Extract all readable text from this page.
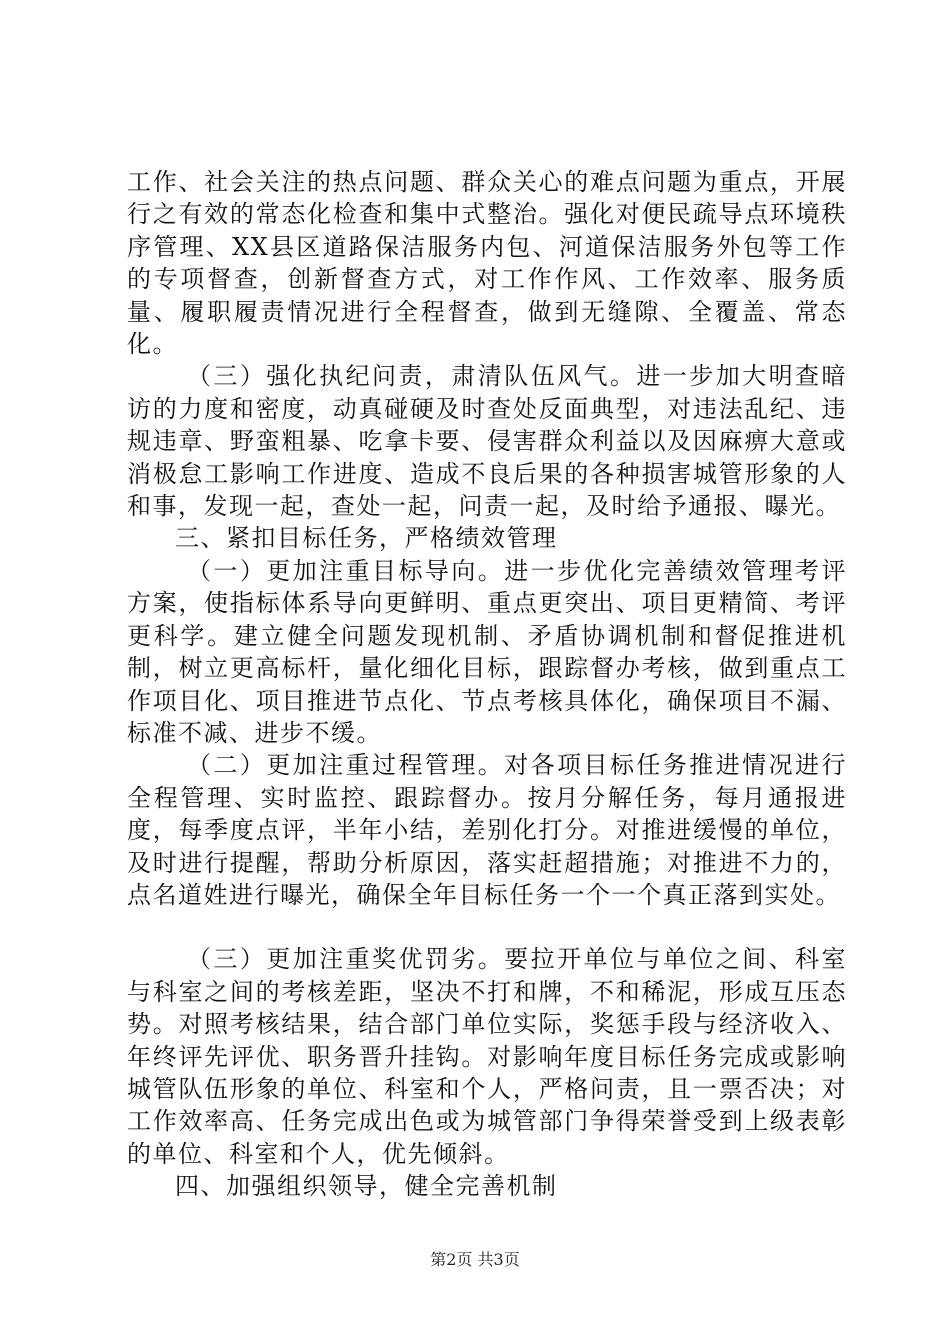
工作、社会关注的热点问题、群众关心的难点问题为重点，开展行之有效的常态化检查和集中式整治。强化对便民疏导点环境秩序管理、XX县区道路保洁服务内包、河道保洁服务外包等工作的专项督查，创新督查方式，对工作作风、工作效率、服务质量、履职履责情况进行全程督查，做到无缝隙、全覆盖、常态化。

（三）强化执纪问责，肃清队伍风气。进一步加大明查暗访的力度和密度，动真碰硬及时查处反面典型，对违法乱纪、违规违章、野蛮粗暴、吃拿卡要、侵害群众利益以及因麻痹大意或消极怠工影响工作进度、造成不良后果的各种损害城管形象的人和事，发现一起，查处一起，问责一起，及时给予通报、曝光。

三、紧扣目标任务，严格绩效管理

（一）更加注重目标导向。进一步优化完善绩效管理考评方案，使指标体系导向更鲜明、重点更突出、项目更精简、考评更科学。建立健全问题发现机制、矛盾协调机制和督促推进机制，树立更高标杆，量化细化目标，跟踪督办考核，做到重点工作项目化、项目推进节点化、节点考核具体化，确保项目不漏、标准不减、进步不缓。

（二）更加注重过程管理。对各项目标任务推进情况进行全程管理、实时监控、跟踪督办。按月分解任务，每月通报进度，每季度点评，半年小结，差别化打分。对推进缓慢的单位，及时进行提醒，帮助分析原因，落实赶超措施；对推进不力的，点名道姓进行曝光，确保全年目标任务一个一个真正落到实处。

（三）更加注重奖优罚劣。要拉开单位与单位之间、科室与科室之间的考核差距，坚决不打和牌，不和稀泥，形成互压态势。对照考核结果，结合部门单位实际，奖惩手段与经济收入、年终评先评优、职务晋升挂钩。对影响年度目标任务完成或影响城管队伍形象的单位、科室和个人，严格问责，且一票否决；对工作效率高、任务完成出色或为城管部门争得荣誉受到上级表彰的单位、科室和个人，优先倾斜。

四、加强组织领导，健全完善机制

第2页 共3页
